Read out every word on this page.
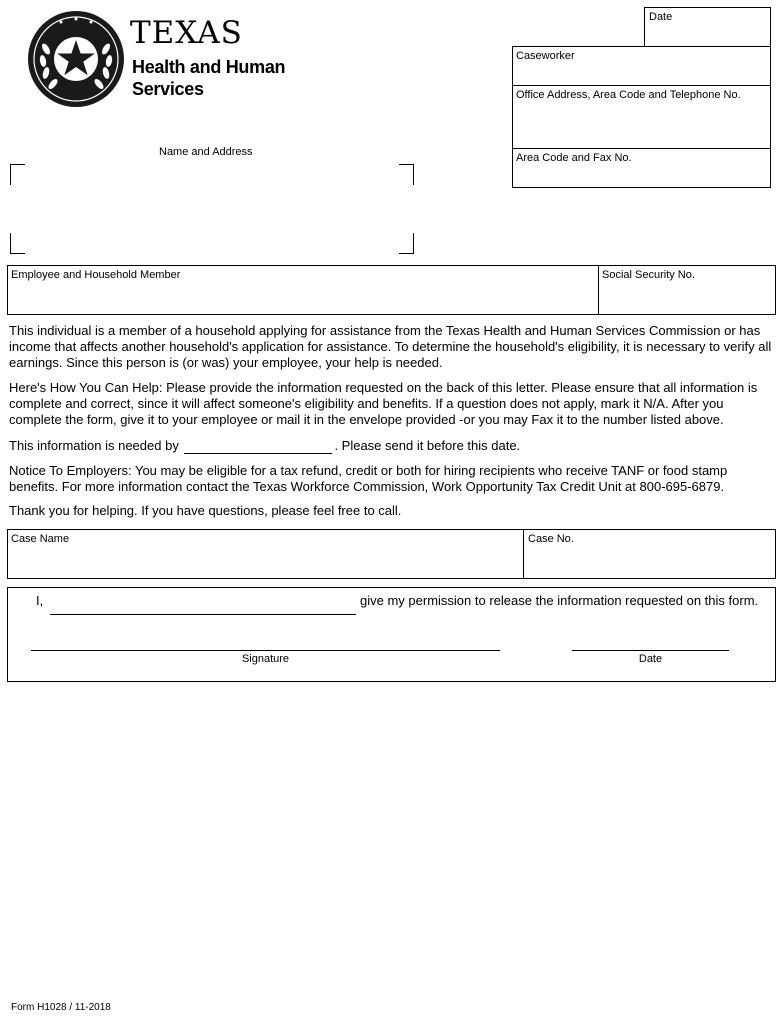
TEXAS
Health and Human
Services
Date
Caseworker
Office Address, Area Code and Telephone No.
Area Code and Fax No.
Name and Address
Employee and Household Member	Social Security No.
This individual is a member of a household applying for assistance from the Texas Health and Human Services Commission or has income that affects another household's application for assistance. To determine the household's eligibility, it is necessary to verify all earnings. Since this person is (or was) your employee, your help is needed.
Here's How You Can Help: Please provide the information requested on the back of this letter. Please ensure that all information is complete and correct, since it will affect someone's eligibility and benefits. If a question does not apply, mark it N/A. After you complete the form, give it to your employee or mail it in the envelope provided -or you may Fax it to the number listed above.
This information is needed by	. Please send it before this date.
Notice To Employers: You may be eligible for a tax refund, credit or both for hiring recipients who receive TANF or food stamp benefits. For more information contact the Texas Workforce Commission, Work Opportunity Tax Credit Unit at 800-695-6879.
Thank you for helping. If you have questions, please feel free to call.
Case Name	Case No.
I,	give my permission to release the information requested on this form.
Signature	Date
Form H1028 / 11-2018
